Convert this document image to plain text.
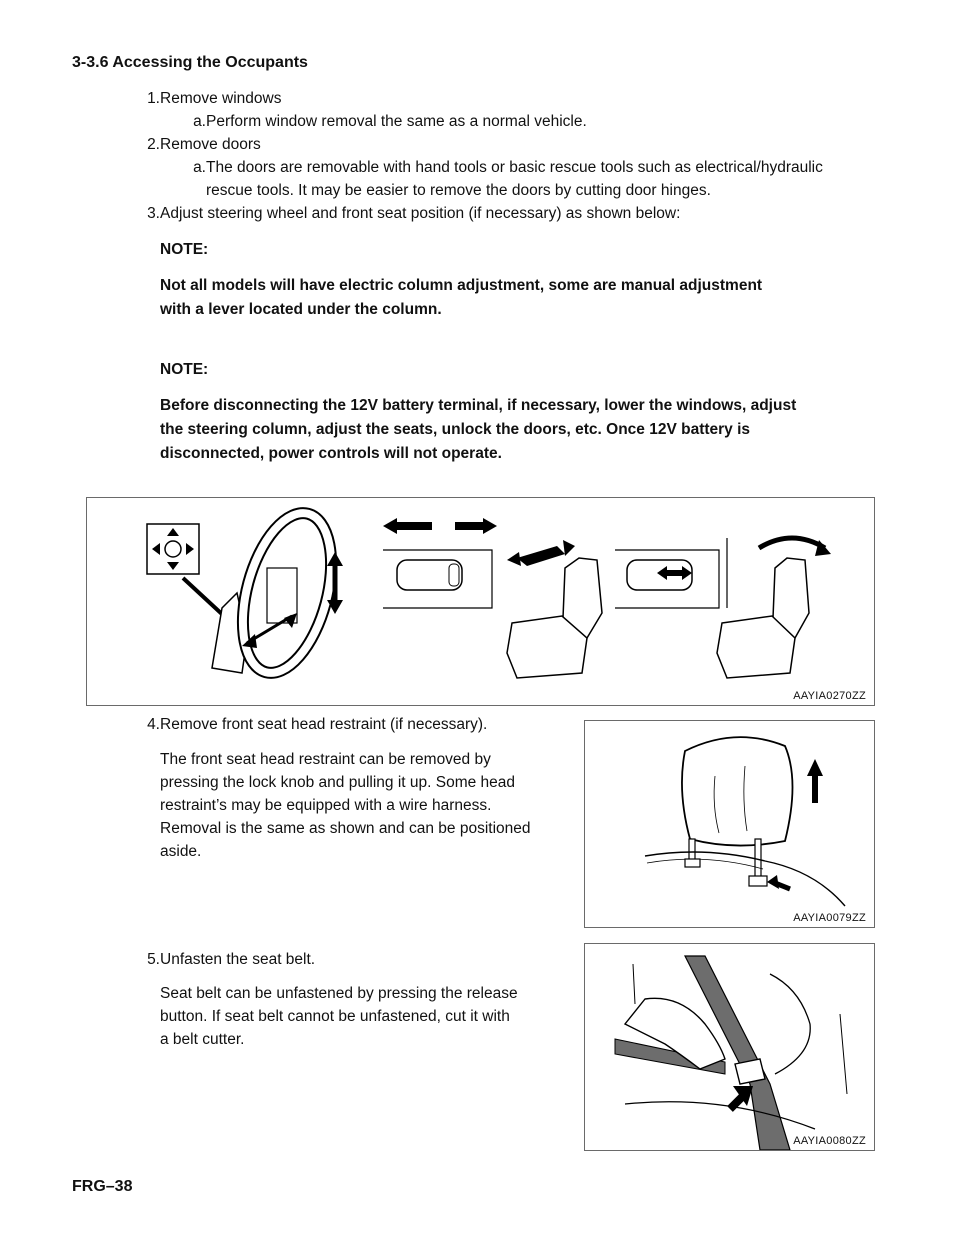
3-3.6 Accessing the Occupants
1. Remove windows
a. Perform window removal the same as a normal vehicle.
2. Remove doors
a. The doors are removable with hand tools or basic rescue tools such as electrical/hydraulic
rescue tools. It may be easier to remove the doors by cutting door hinges.
3. Adjust steering wheel and front seat position (if necessary) as shown below:
NOTE:
Not all models will have electric column adjustment, some are manual adjustment
with a lever located under the column.
NOTE:
Before disconnecting the 12V battery terminal, if necessary, lower the windows, adjust
the steering column, adjust the seats, unlock the doors, etc. Once 12V battery is
disconnected, power controls will not operate.
AAYIA0270ZZ
4. Remove front seat head restraint (if necessary).
The front seat head restraint can be removed by
pressing the lock knob and pulling it up. Some head
restraint’s may be equipped with a wire harness.
Removal is the same as shown and can be positioned
aside.
AAYIA0079ZZ
5. Unfasten the seat belt.
Seat belt can be unfastened by pressing the release
button. If seat belt cannot be unfastened, cut it with
a belt cutter.
AAYIA0080ZZ
FRG–38
